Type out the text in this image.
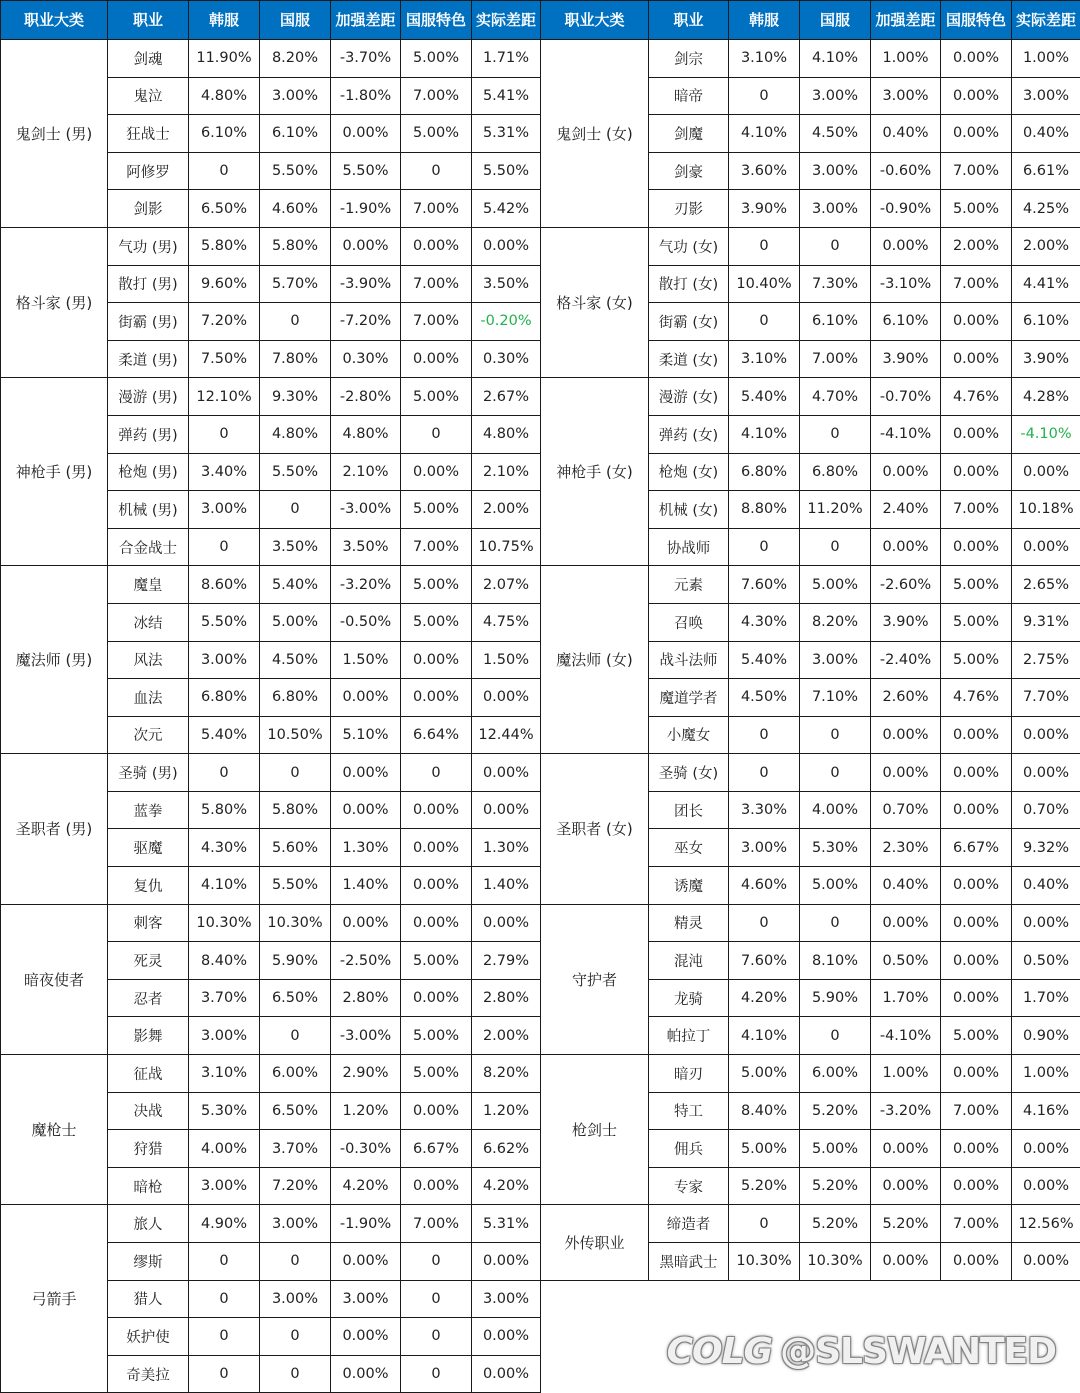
职业大类	职业	韩服	国服	加强差距	国服特色	实际差距
鬼剑士 (男)	剑魂	11.90%	8.20%	-3.70%	5.00%	1.71%
	鬼泣	4.80%	3.00%	-1.80%	7.00%	5.41%
	狂战士	6.10%	6.10%	0.00%	5.00%	5.31%
	阿修罗	0	5.50%	5.50%	0	5.50%
	剑影	6.50%	4.60%	-1.90%	7.00%	5.42%
格斗家 (男)	气功 (男)	5.80%	5.80%	0.00%	0.00%	0.00%
	散打 (男)	9.60%	5.70%	-3.90%	7.00%	3.50%
	街霸 (男)	7.20%	0	-7.20%	7.00%	-0.20%
	柔道 (男)	7.50%	7.80%	0.30%	0.00%	0.30%
神枪手 (男)	漫游 (男)	12.10%	9.30%	-2.80%	5.00%	2.67%
	弹药 (男)	0	4.80%	4.80%	0	4.80%
	枪炮 (男)	3.40%	5.50%	2.10%	0.00%	2.10%
	机械 (男)	3.00%	0	-3.00%	5.00%	2.00%
	合金战士	0	3.50%	3.50%	7.00%	10.75%
魔法师 (男)	魔皇	8.60%	5.40%	-3.20%	5.00%	2.07%
	冰结	5.50%	5.00%	-0.50%	5.00%	4.75%
	风法	3.00%	4.50%	1.50%	0.00%	1.50%
	血法	6.80%	6.80%	0.00%	0.00%	0.00%
	次元	5.40%	10.50%	5.10%	6.64%	12.44%
圣职者 (男)	圣骑 (男)	0	0	0.00%	0	0.00%
	蓝拳	5.80%	5.80%	0.00%	0.00%	0.00%
	驱魔	4.30%	5.60%	1.30%	0.00%	1.30%
	复仇	4.10%	5.50%	1.40%	0.00%	1.40%
暗夜使者	刺客	10.30%	10.30%	0.00%	0.00%	0.00%
	死灵	8.40%	5.90%	-2.50%	5.00%	2.79%
	忍者	3.70%	6.50%	2.80%	0.00%	2.80%
	影舞	3.00%	0	-3.00%	5.00%	2.00%
魔枪士	征战	3.10%	6.00%	2.90%	5.00%	8.20%
	决战	5.30%	6.50%	1.20%	0.00%	1.20%
	狩猎	4.00%	3.70%	-0.30%	6.67%	6.62%
	暗枪	3.00%	7.20%	4.20%	0.00%	4.20%
弓箭手	旅人	4.90%	3.00%	-1.90%	7.00%	5.31%
	缪斯	0	0	0.00%	0	0.00%
	猎人	0	3.00%	3.00%	0	3.00%
	妖护使	0	0	0.00%	0	0.00%
	奇美拉	0	0	0.00%	0	0.00%
职业大类	职业	韩服	国服	加强差距	国服特色	实际差距
鬼剑士 (女)	剑宗	3.10%	4.10%	1.00%	0.00%	1.00%
	暗帝	0	3.00%	3.00%	0.00%	3.00%
	剑魔	4.10%	4.50%	0.40%	0.00%	0.40%
	剑豪	3.60%	3.00%	-0.60%	7.00%	6.61%
	刃影	3.90%	3.00%	-0.90%	5.00%	4.25%
格斗家 (女)	气功 (女)	0	0	0.00%	2.00%	2.00%
	散打 (女)	10.40%	7.30%	-3.10%	7.00%	4.41%
	街霸 (女)	0	6.10%	6.10%	0.00%	6.10%
	柔道 (女)	3.10%	7.00%	3.90%	0.00%	3.90%
神枪手 (女)	漫游 (女)	5.40%	4.70%	-0.70%	4.76%	4.28%
	弹药 (女)	4.10%	0	-4.10%	0.00%	-4.10%
	枪炮 (女)	6.80%	6.80%	0.00%	0.00%	0.00%
	机械 (女)	8.80%	11.20%	2.40%	7.00%	10.18%
	协战师	0	0	0.00%	0.00%	0.00%
魔法师 (女)	元素	7.60%	5.00%	-2.60%	5.00%	2.65%
	召唤	4.30%	8.20%	3.90%	5.00%	9.31%
	战斗法师	5.40%	3.00%	-2.40%	5.00%	2.75%
	魔道学者	4.50%	7.10%	2.60%	4.76%	7.70%
	小魔女	0	0	0.00%	0.00%	0.00%
圣职者 (女)	圣骑 (女)	0	0	0.00%	0.00%	0.00%
	团长	3.30%	4.00%	0.70%	0.00%	0.70%
	巫女	3.00%	5.30%	2.30%	6.67%	9.32%
	诱魔	4.60%	5.00%	0.40%	0.00%	0.40%
守护者	精灵	0	0	0.00%	0.00%	0.00%
	混沌	7.60%	8.10%	0.50%	0.00%	0.50%
	龙骑	4.20%	5.90%	1.70%	0.00%	1.70%
	帕拉丁	4.10%	0	-4.10%	5.00%	0.90%
枪剑士	暗刃	5.00%	6.00%	1.00%	0.00%	1.00%
	特工	8.40%	5.20%	-3.20%	7.00%	4.16%
	佣兵	5.00%	5.00%	0.00%	0.00%	0.00%
	专家	5.20%	5.20%	0.00%	0.00%	0.00%
外传职业	缔造者	0	5.20%	5.20%	7.00%	12.56%
	黑暗武士	10.30%	10.30%	0.00%	0.00%	0.00%

COLG @SLSWANTED
